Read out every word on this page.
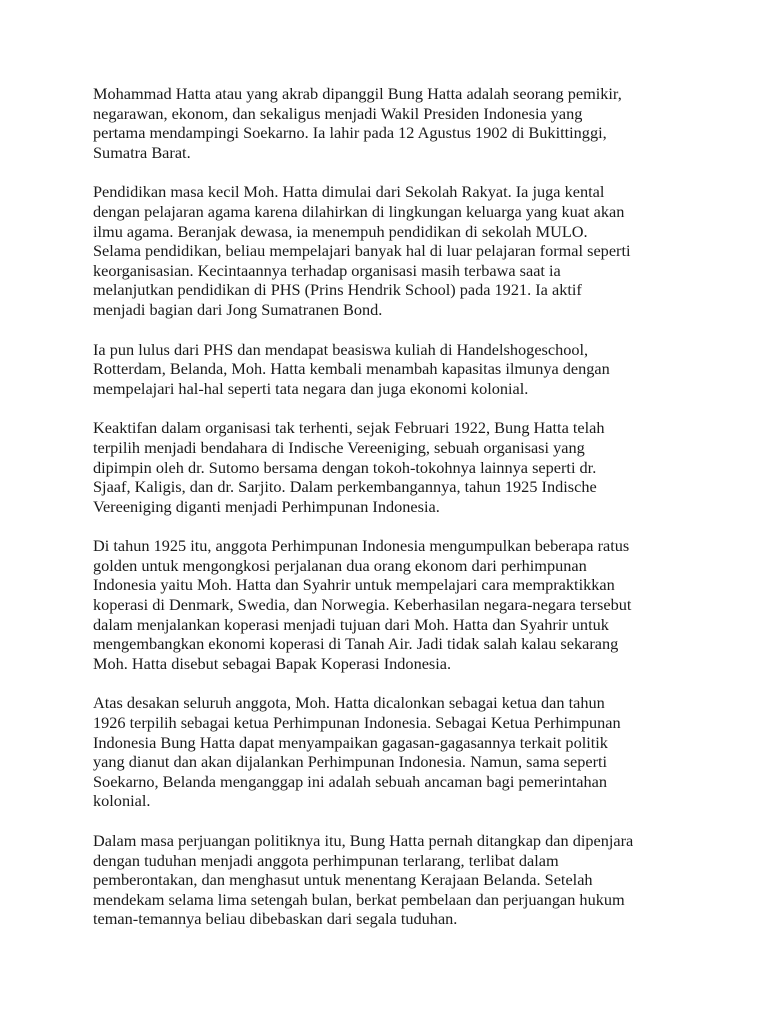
Mohammad Hatta atau yang akrab dipanggil Bung Hatta adalah seorang pemikir,
negarawan, ekonom, dan sekaligus menjadi Wakil Presiden Indonesia yang
pertama mendampingi Soekarno. Ia lahir pada 12 Agustus 1902 di Bukittinggi,
Sumatra Barat.

Pendidikan masa kecil Moh. Hatta dimulai dari Sekolah Rakyat. Ia juga kental
dengan pelajaran agama karena dilahirkan di lingkungan keluarga yang kuat akan
ilmu agama. Beranjak dewasa, ia menempuh pendidikan di sekolah MULO.
Selama pendidikan, beliau mempelajari banyak hal di luar pelajaran formal seperti
keorganisasian. Kecintaannya terhadap organisasi masih terbawa saat ia
melanjutkan pendidikan di PHS (Prins Hendrik School) pada 1921. Ia aktif
menjadi bagian dari Jong Sumatranen Bond.

Ia pun lulus dari PHS dan mendapat beasiswa kuliah di Handelshogeschool,
Rotterdam, Belanda, Moh. Hatta kembali menambah kapasitas ilmunya dengan
mempelajari hal-hal seperti tata negara dan juga ekonomi kolonial.

Keaktifan dalam organisasi tak terhenti, sejak Februari 1922, Bung Hatta telah
terpilih menjadi bendahara di Indische Vereeniging, sebuah organisasi yang
dipimpin oleh dr. Sutomo bersama dengan tokoh-tokohnya lainnya seperti dr.
Sjaaf, Kaligis, dan dr. Sarjito. Dalam perkembangannya, tahun 1925 Indische
Vereeniging diganti menjadi Perhimpunan Indonesia.

Di tahun 1925 itu, anggota Perhimpunan Indonesia mengumpulkan beberapa ratus
golden untuk mengongkosi perjalanan dua orang ekonom dari perhimpunan
Indonesia yaitu Moh. Hatta dan Syahrir untuk mempelajari cara mempraktikkan
koperasi di Denmark, Swedia, dan Norwegia. Keberhasilan negara-negara tersebut
dalam menjalankan koperasi menjadi tujuan dari Moh. Hatta dan Syahrir untuk
mengembangkan ekonomi koperasi di Tanah Air. Jadi tidak salah kalau sekarang
Moh. Hatta disebut sebagai Bapak Koperasi Indonesia.

Atas desakan seluruh anggota, Moh. Hatta dicalonkan sebagai ketua dan tahun
1926 terpilih sebagai ketua Perhimpunan Indonesia. Sebagai Ketua Perhimpunan
Indonesia Bung Hatta dapat menyampaikan gagasan-gagasannya terkait politik
yang dianut dan akan dijalankan Perhimpunan Indonesia. Namun, sama seperti
Soekarno, Belanda menganggap ini adalah sebuah ancaman bagi pemerintahan
kolonial.

Dalam masa perjuangan politiknya itu, Bung Hatta pernah ditangkap dan dipenjara
dengan tuduhan menjadi anggota perhimpunan terlarang, terlibat dalam
pemberontakan, dan menghasut untuk menentang Kerajaan Belanda. Setelah
mendekam selama lima setengah bulan, berkat pembelaan dan perjuangan hukum
teman-temannya beliau dibebaskan dari segala tuduhan.
